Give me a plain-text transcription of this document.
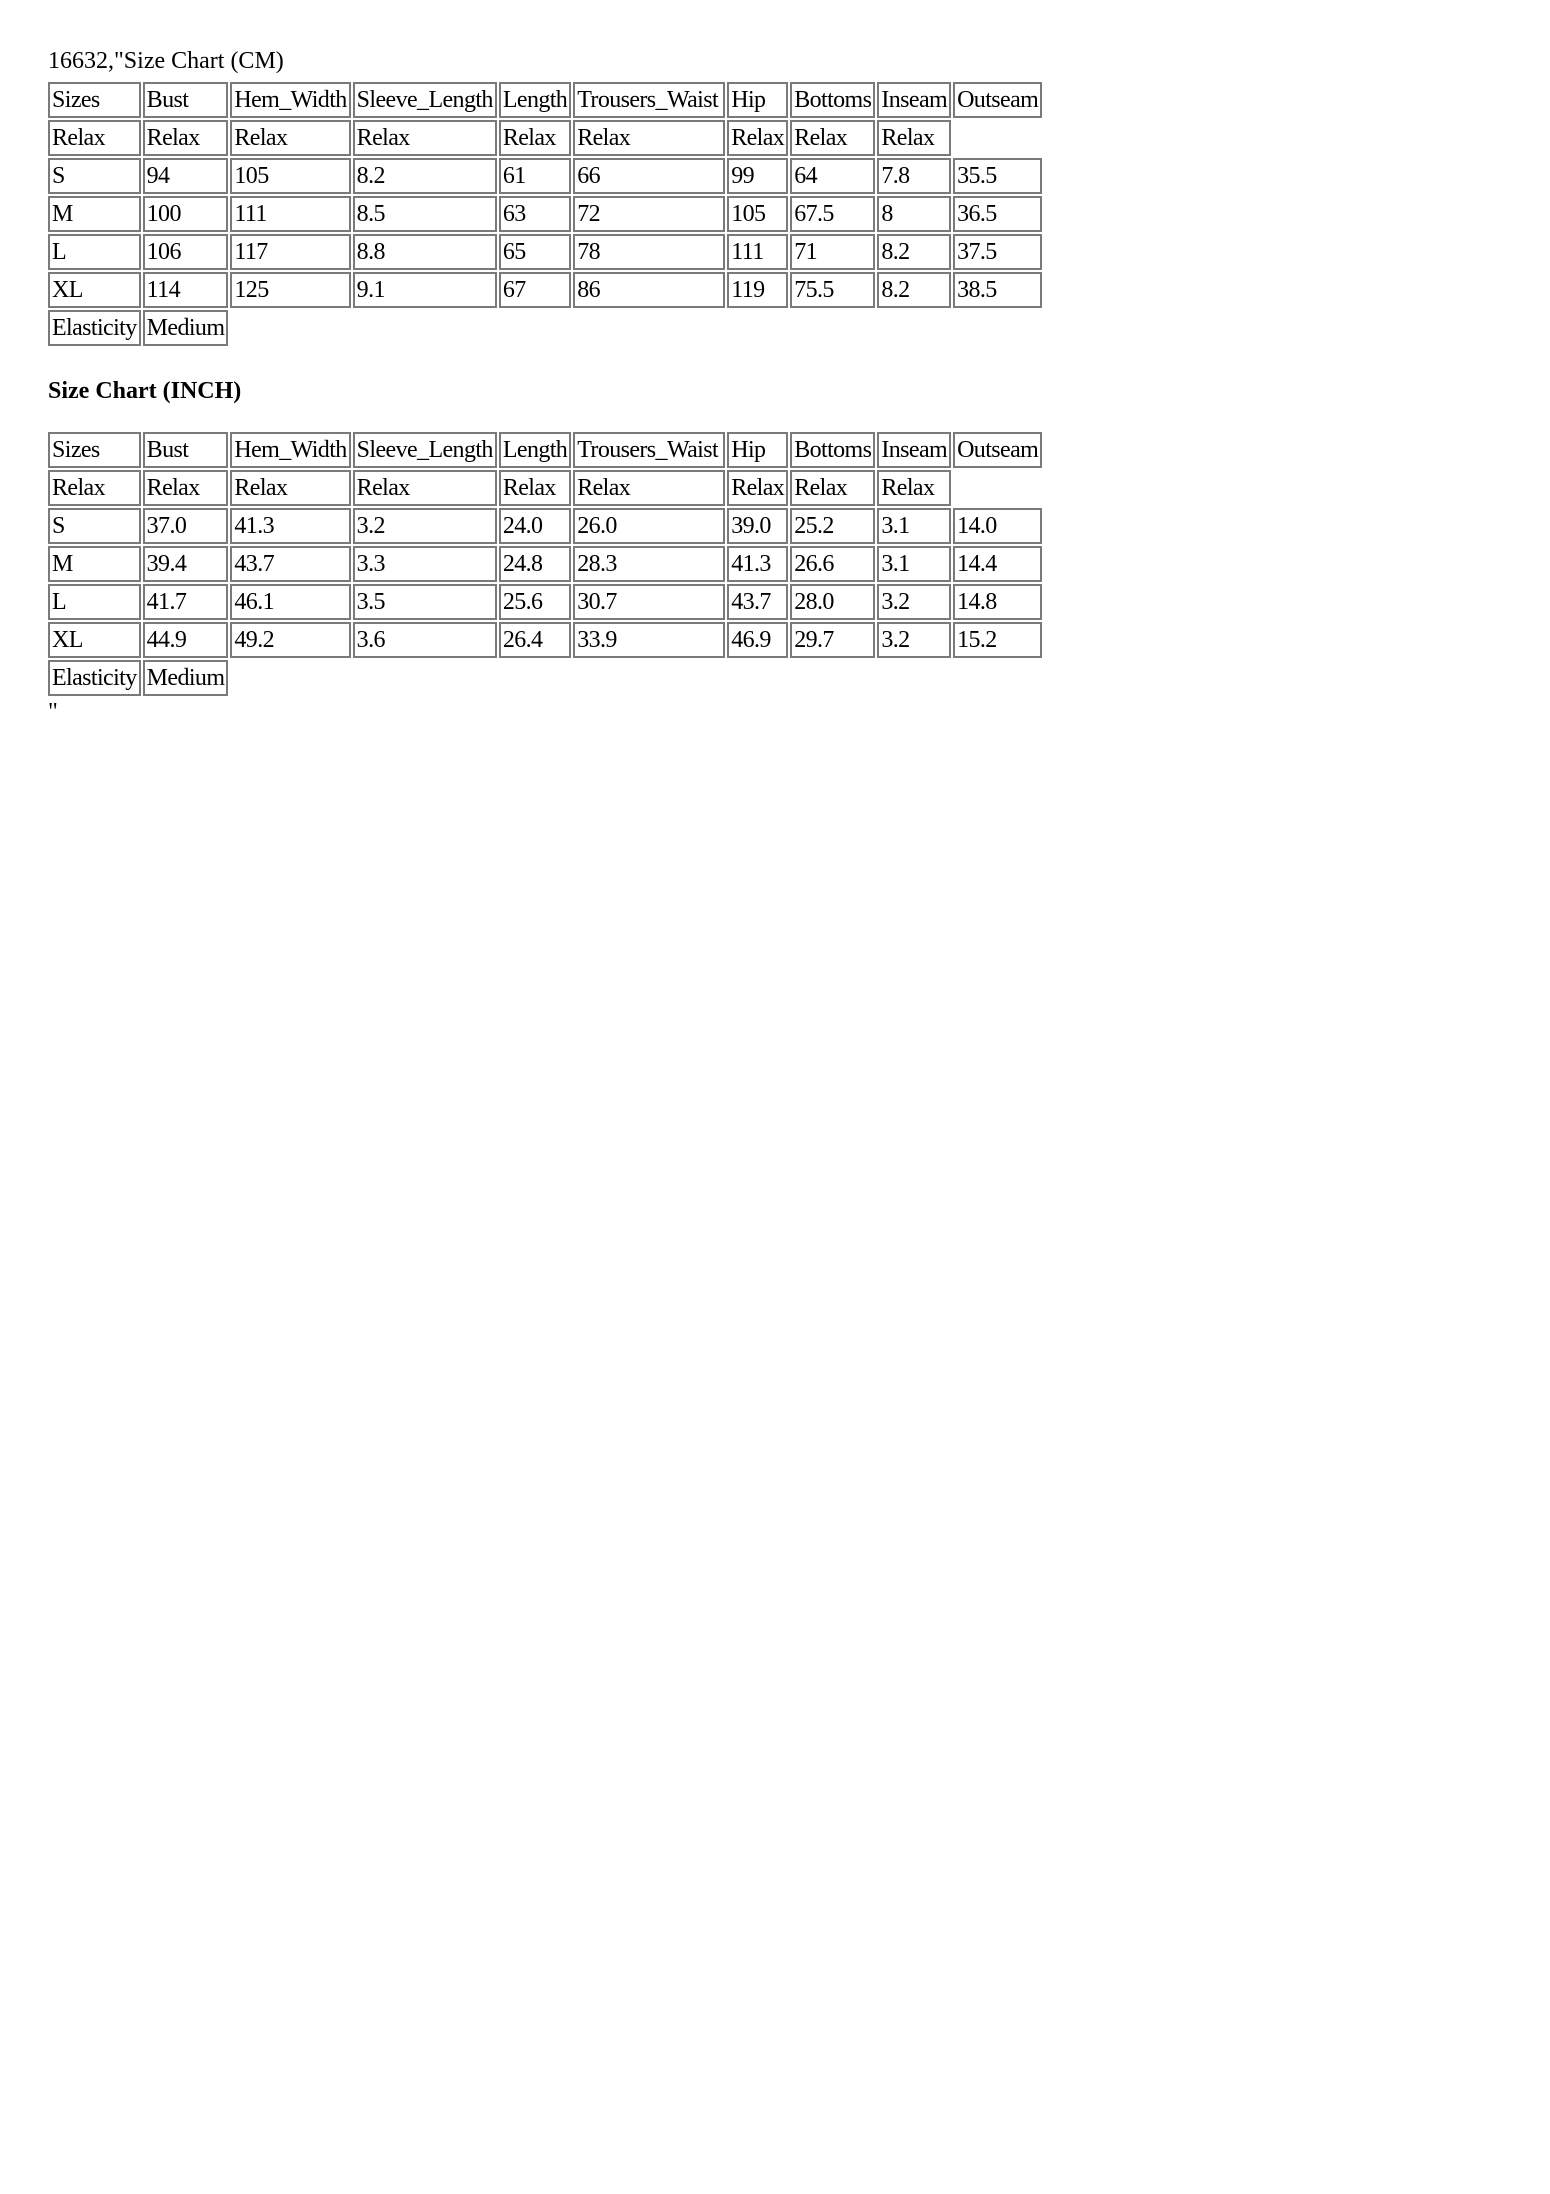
16632,"Size Chart (CM)
Sizes	Bust	Hem_Width	Sleeve_Length	Length	Trousers_Waist	Hip	Bottoms	Inseam	Outseam
Relax	Relax	Relax	Relax	Relax	Relax	Relax	Relax	Relax	
S	94	105	8.2	61	66	99	64	7.8	35.5
M	100	111	8.5	63	72	105	67.5	8	36.5
L	106	117	8.8	65	78	111	71	8.2	37.5
XL	114	125	9.1	67	86	119	75.5	8.2	38.5
Elasticity	Medium								
Size Chart (INCH)
Sizes	Bust	Hem_Width	Sleeve_Length	Length	Trousers_Waist	Hip	Bottoms	Inseam	Outseam
Relax	Relax	Relax	Relax	Relax	Relax	Relax	Relax	Relax	
S	37.0	41.3	3.2	24.0	26.0	39.0	25.2	3.1	14.0
M	39.4	43.7	3.3	24.8	28.3	41.3	26.6	3.1	14.4
L	41.7	46.1	3.5	25.6	30.7	43.7	28.0	3.2	14.8
XL	44.9	49.2	3.6	26.4	33.9	46.9	29.7	3.2	15.2
Elasticity	Medium								
"
